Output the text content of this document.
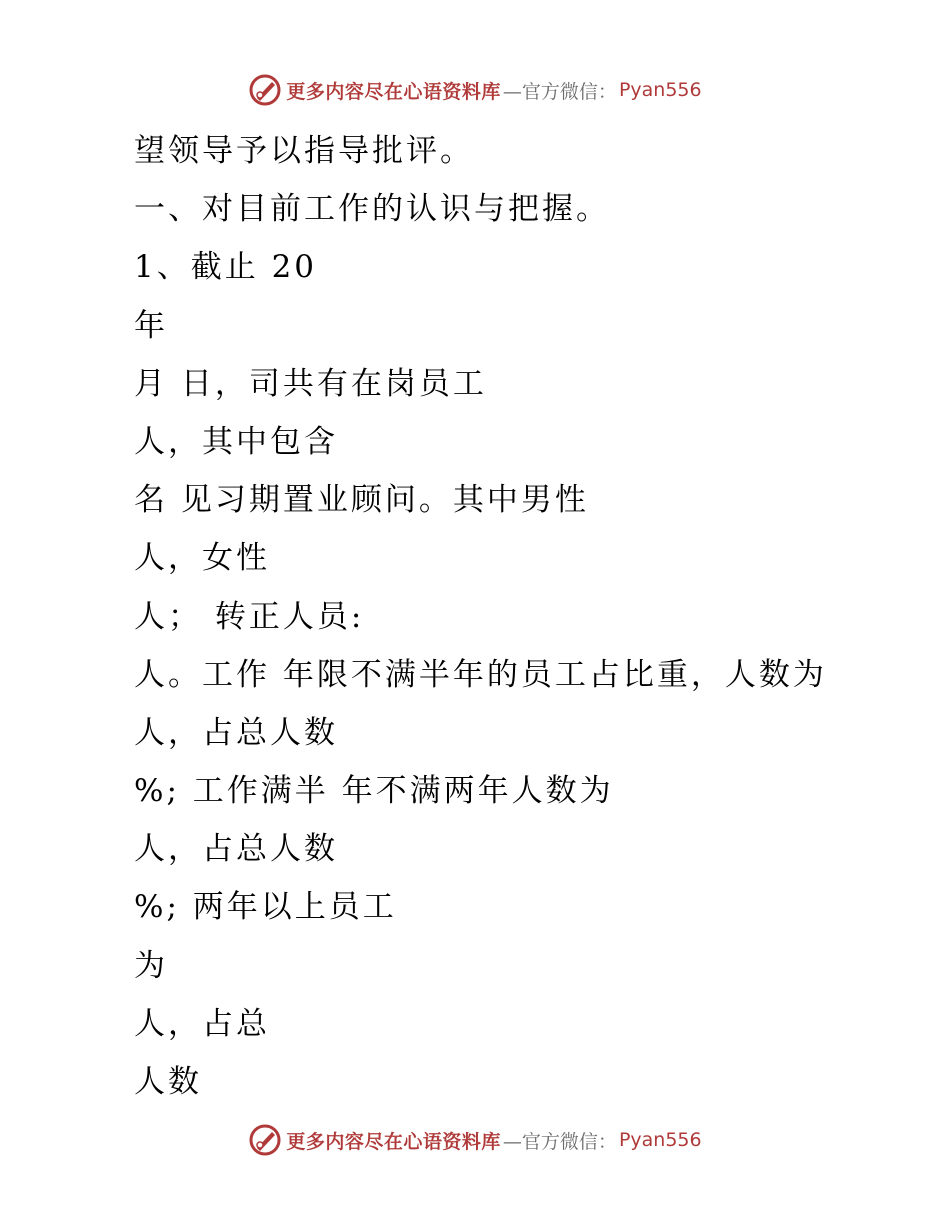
更多内容尽在心语资料库 —官方微信： Pyan556
望领导予以指导批评。
一、对目前工作的认识与把握。
1、截止 20
年
月 日，司共有在岗员工
人，其中包含
名 见习期置业顾问。其中男性
人，女性
人； 转正人员:
人。工作 年限不满半年的员工占比重，人数为
人，占总人数
%; 工作满半 年不满两年人数为
人，占总人数
%; 两年以上员工
为
人，占总
人数
更多内容尽在心语资料库 —官方微信： Pyan556
